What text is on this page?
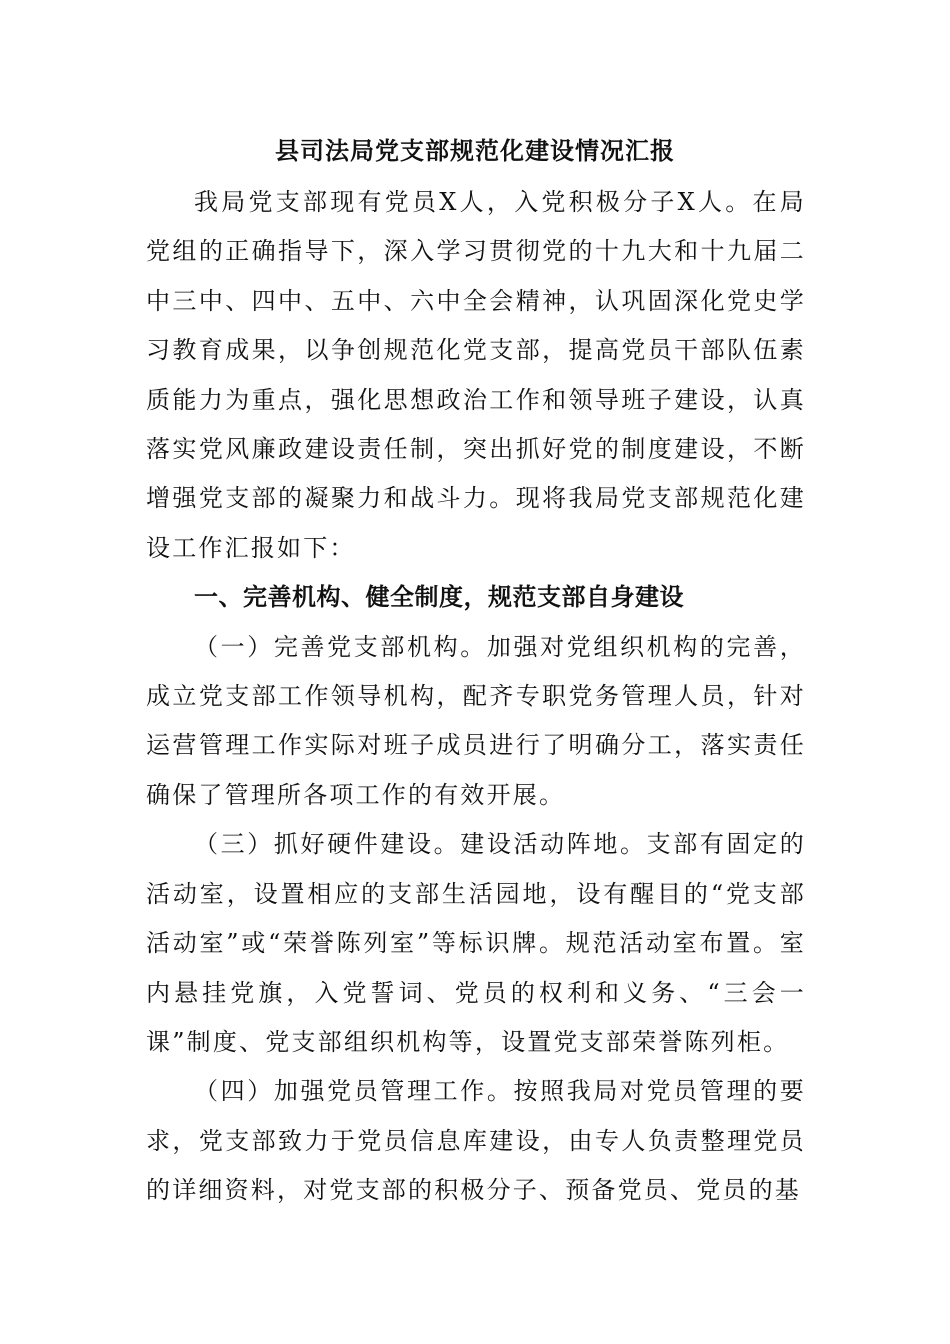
县司法局党支部规范化建设情况汇报

我局党支部现有党员X人，入党积极分子X人。在局党组的正确指导下，深入学习贯彻党的十九大和十九届二中三中、四中、五中、六中全会精神，认巩固深化党史学习教育成果，以争创规范化党支部，提高党员干部队伍素质能力为重点，强化思想政治工作和领导班子建设，认真落实党风廉政建设责任制，突出抓好党的制度建设，不断增强党支部的凝聚力和战斗力。现将我局党支部规范化建设工作汇报如下：

一、完善机构、健全制度，规范支部自身建设

（一）完善党支部机构。加强对党组织机构的完善，成立党支部工作领导机构，配齐专职党务管理人员，针对运营管理工作实际对班子成员进行了明确分工，落实责任确保了管理所各项工作的有效开展。

（三）抓好硬件建设。建设活动阵地。支部有固定的活动室，设置相应的支部生活园地，设有醒目的“党支部活动室”或“荣誉陈列室”等标识牌。规范活动室布置。室内悬挂党旗，入党誓词、党员的权利和义务、“三会一课”制度、党支部组织机构等，设置党支部荣誉陈列柜。

（四）加强党员管理工作。按照我局对党员管理的要求，党支部致力于党员信息库建设，由专人负责整理党员的详细资料，对党支部的积极分子、预备党员、党员的基
